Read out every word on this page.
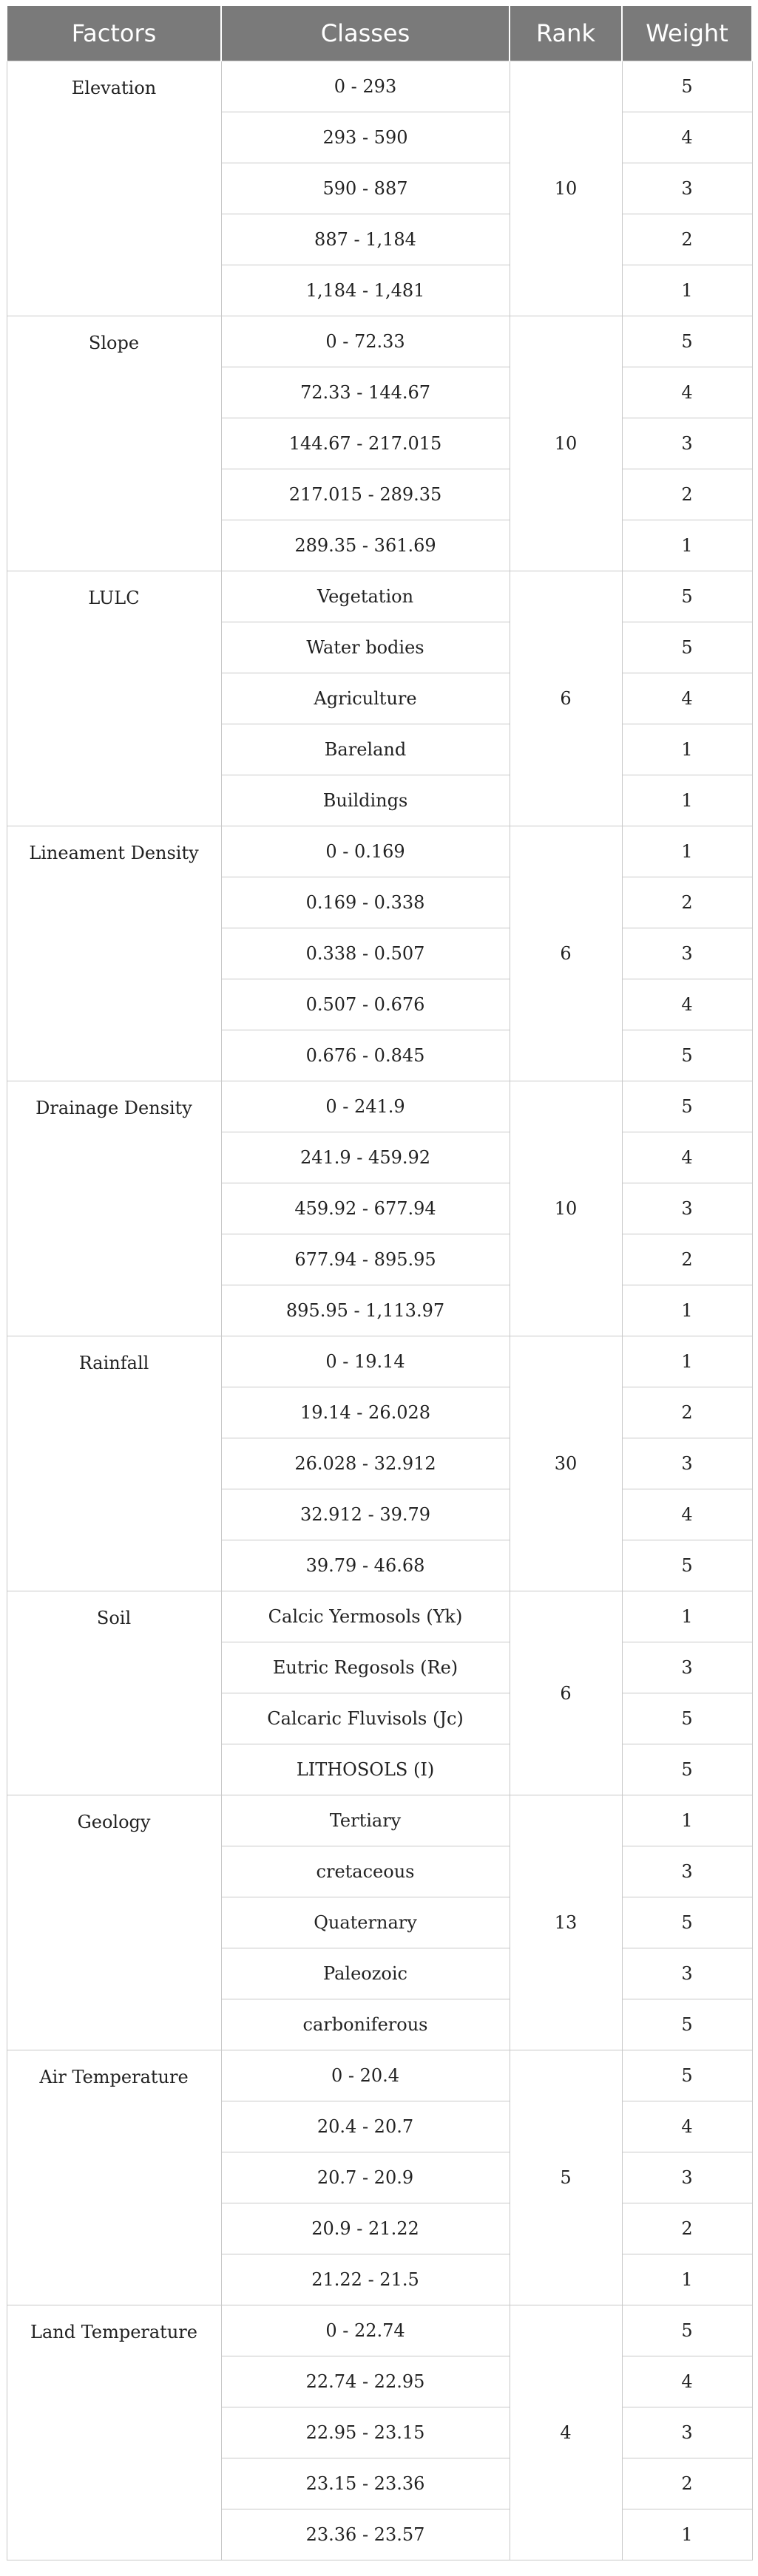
Factors	Classes	Rank	Weight
Elevation	0 - 293	10	5
	293 - 590		4
	590 - 887		3
	887 - 1,184		2
	1,184 - 1,481		1
Slope	0 - 72.33	10	5
	72.33 - 144.67		4
	144.67 - 217.015		3
	217.015 - 289.35		2
	289.35 - 361.69		1
LULC	Vegetation	6	5
	Water bodies		5
	Agriculture		4
	Bareland		1
	Buildings		1
Lineament Density	0 - 0.169	6	1
	0.169 - 0.338		2
	0.338 - 0.507		3
	0.507 - 0.676		4
	0.676 - 0.845		5
Drainage Density	0 - 241.9	10	5
	241.9 - 459.92		4
	459.92 - 677.94		3
	677.94 - 895.95		2
	895.95 - 1,113.97		1
Rainfall	0 - 19.14	30	1
	19.14 - 26.028		2
	26.028 - 32.912		3
	32.912 - 39.79		4
	39.79 - 46.68		5
Soil	Calcic Yermosols (Yk)	6	1
	Eutric Regosols (Re)		3
	Calcaric Fluvisols (Jc)		5
	LITHOSOLS (I)		5
Geology	Tertiary	13	1
	cretaceous		3
	Quaternary		5
	Paleozoic		3
	carboniferous		5
Air Temperature	0 - 20.4	5	5
	20.4 - 20.7		4
	20.7 - 20.9		3
	20.9 - 21.22		2
	21.22 - 21.5		1
Land Temperature	0 - 22.74	4	5
	22.74 - 22.95		4
	22.95 - 23.15		3
	23.15 - 23.36		2
	23.36 - 23.57		1
